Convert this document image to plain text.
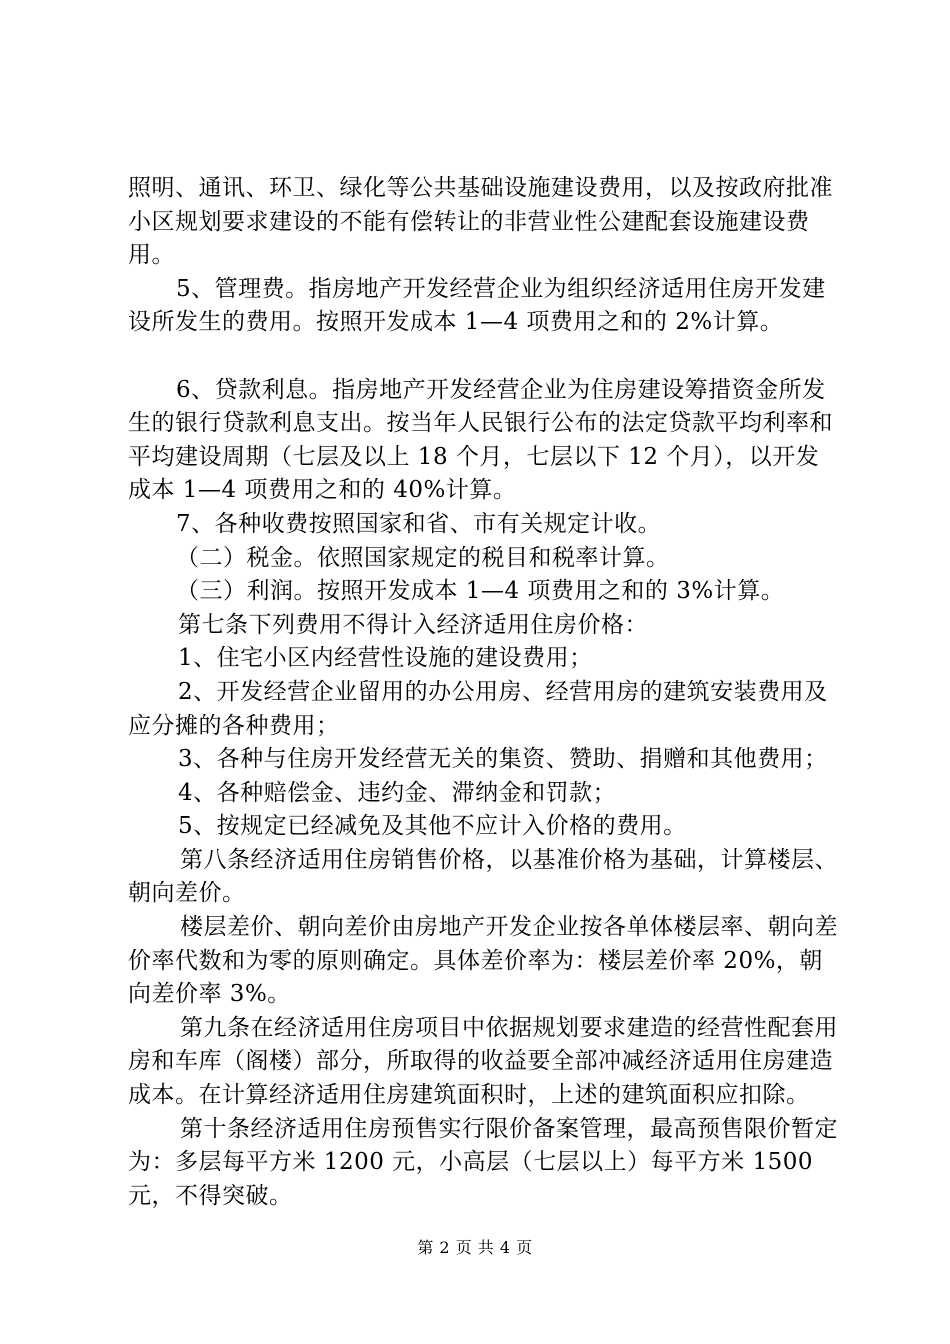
照明、通讯、环卫、绿化等公共基础设施建设费用，以及按政府批准小区规划要求建设的不能有偿转让的非营业性公建配套设施建设费用。

5、管理费。指房地产开发经营企业为组织经济适用住房开发建设所发生的费用。按照开发成本 1—4 项费用之和的 2%计算。

6、贷款利息。指房地产开发经营企业为住房建设筹措资金所发生的银行贷款利息支出。按当年人民银行公布的法定贷款平均利率和平均建设周期（七层及以上 18 个月，七层以下 12 个月），以开发成本 1—4 项费用之和的 40%计算。

7、各种收费按照国家和省、市有关规定计收。

（二）税金。依照国家规定的税目和税率计算。

（三）利润。按照开发成本 1—4 项费用之和的 3%计算。

第七条下列费用不得计入经济适用住房价格：

1、住宅小区内经营性设施的建设费用；

2、开发经营企业留用的办公用房、经营用房的建筑安装费用及应分摊的各种费用；

3、各种与住房开发经营无关的集资、赞助、捐赠和其他费用；

4、各种赔偿金、违约金、滞纳金和罚款；

5、按规定已经减免及其他不应计入价格的费用。

第八条经济适用住房销售价格，以基准价格为基础，计算楼层、朝向差价。

楼层差价、朝向差价由房地产开发企业按各单体楼层率、朝向差价率代数和为零的原则确定。具体差价率为：楼层差价率 20%，朝向差价率 3%。

第九条在经济适用住房项目中依据规划要求建造的经营性配套用房和车库（阁楼）部分，所取得的收益要全部冲减经济适用住房建造成本。在计算经济适用住房建筑面积时，上述的建筑面积应扣除。

第十条经济适用住房预售实行限价备案管理，最高预售限价暂定为：多层每平方米 1200 元，小高层（七层以上）每平方米 1500 元，不得突破。

第 2 页 共 4 页
